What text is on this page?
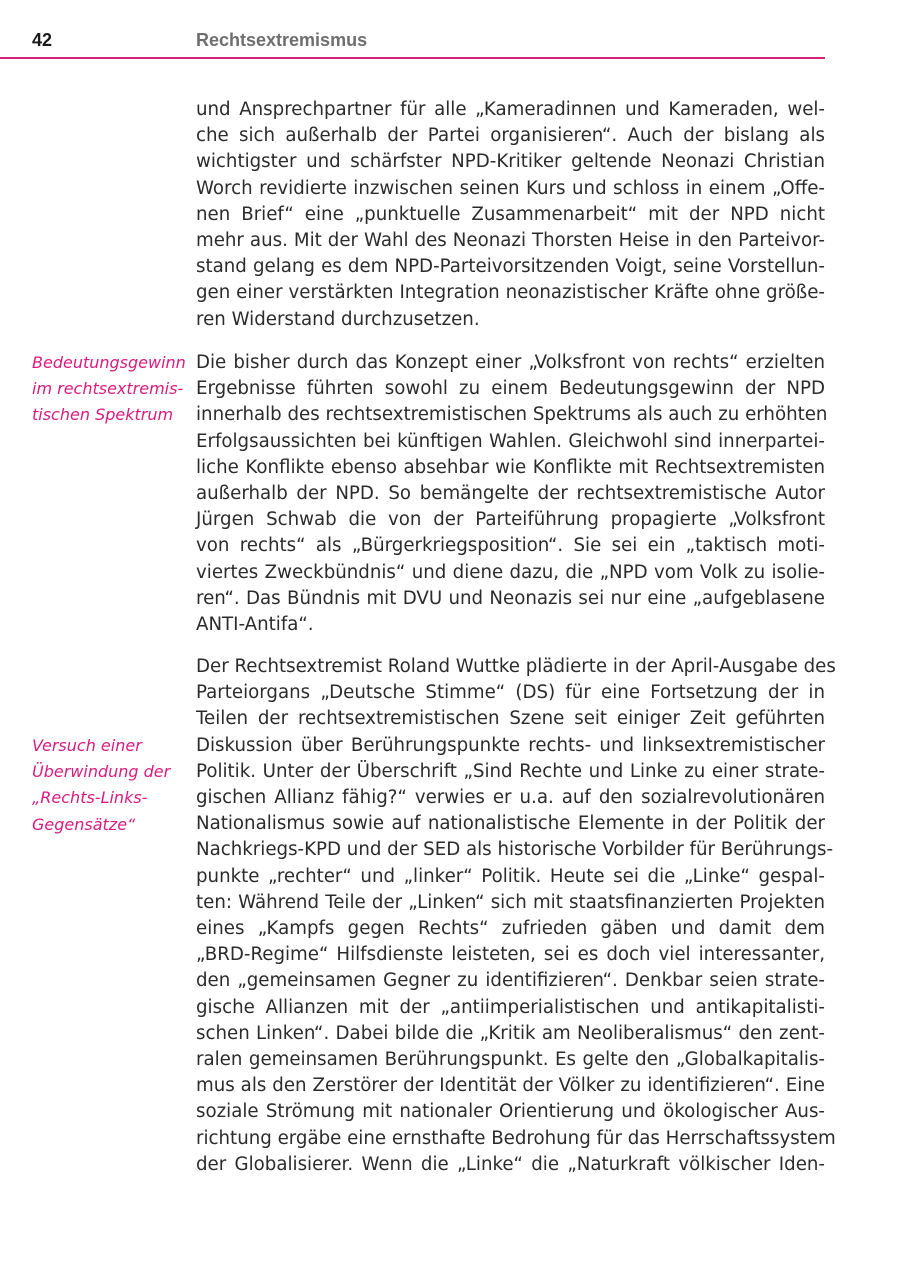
42	Rechtsextremismus

und Ansprechpartner für alle „Kameradinnen und Kameraden, wel-
che sich außerhalb der Partei organisieren“. Auch der bislang als
wichtigster und schärfster NPD-Kritiker geltende Neonazi Christian
Worch revidierte inzwischen seinen Kurs und schloss in einem „Offe-
nen Brief“ eine „punktuelle Zusammenarbeit“ mit der NPD nicht
mehr aus. Mit der Wahl des Neonazi Thorsten Heise in den Parteivor-
stand gelang es dem NPD-Parteivorsitzenden Voigt, seine Vorstellun-
gen einer verstärkten Integration neonazistischer Kräfte ohne größe-
ren Widerstand durchzusetzen.

Bedeutungsgewinn
im rechtsextremis-
tischen Spektrum

Die bisher durch das Konzept einer „Volksfront von rechts“ erzielten
Ergebnisse führten sowohl zu einem Bedeutungsgewinn der NPD
innerhalb des rechtsextremistischen Spektrums als auch zu erhöhten
Erfolgsaussichten bei künftigen Wahlen. Gleichwohl sind innerpartei-
liche Konflikte ebenso absehbar wie Konflikte mit Rechtsextremisten
außerhalb der NPD. So bemängelte der rechtsextremistische Autor
Jürgen Schwab die von der Parteiführung propagierte „Volksfront
von rechts“ als „Bürgerkriegsposition“. Sie sei ein „taktisch moti-
viertes Zweckbündnis“ und diene dazu, die „NPD vom Volk zu isolie-
ren“. Das Bündnis mit DVU und Neonazis sei nur eine „aufgeblasene
ANTI-Antifa“.

Versuch einer
Überwindung der
„Rechts-Links-
Gegensätze“

Der Rechtsextremist Roland Wuttke plädierte in der April-Ausgabe des
Parteiorgans „Deutsche Stimme“ (DS) für eine Fortsetzung der in
Teilen der rechtsextremistischen Szene seit einiger Zeit geführten
Diskussion über Berührungspunkte rechts- und linksextremistischer
Politik. Unter der Überschrift „Sind Rechte und Linke zu einer strate-
gischen Allianz fähig?“ verwies er u.a. auf den sozialrevolutionären
Nationalismus sowie auf nationalistische Elemente in der Politik der
Nachkriegs-KPD und der SED als historische Vorbilder für Berührungs-
punkte „rechter“ und „linker“ Politik. Heute sei die „Linke“ gespal-
ten: Während Teile der „Linken“ sich mit staatsfinanzierten Projekten
eines „Kampfs gegen Rechts“ zufrieden gäben und damit dem
„BRD-Regime“ Hilfsdienste leisteten, sei es doch viel interessanter,
den „gemeinsamen Gegner zu identifizieren“. Denkbar seien strate-
gische Allianzen mit der „antiimperialistischen und antikapitalisti-
schen Linken“. Dabei bilde die „Kritik am Neoliberalismus“ den zent-
ralen gemeinsamen Berührungspunkt. Es gelte den „Globalkapitalis-
mus als den Zerstörer der Identität der Völker zu identifizieren“. Eine
soziale Strömung mit nationaler Orientierung und ökologischer Aus-
richtung ergäbe eine ernsthafte Bedrohung für das Herrschaftssystem
der Globalisierer. Wenn die „Linke“ die „Naturkraft völkischer Iden-
